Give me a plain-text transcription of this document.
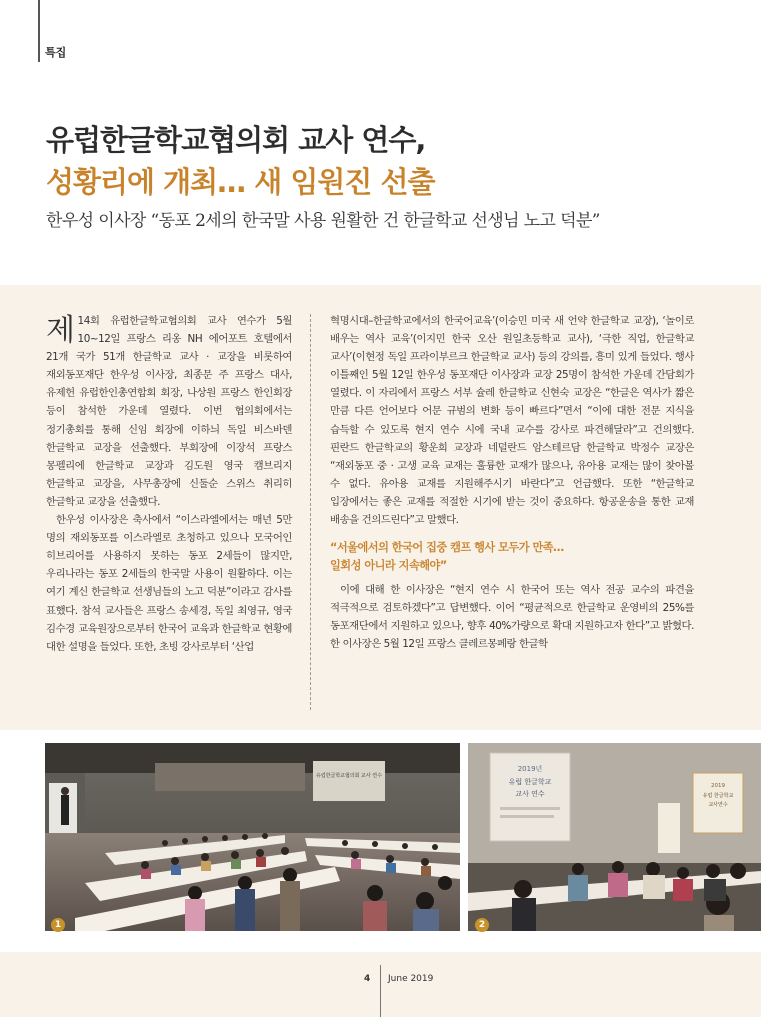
특집
유럽한글학교협의회 교사 연수,
성황리에 개최… 새 임원진 선출
한우성 이사장 “동포 2세의 한국말 사용 원활한 건 한글학교 선생님 노고 덕분”

제 14회 유럽한글학교협의회 교사 연수가 5월 10~12일 프랑스 리옹 NH 에어포트 호텔에서 21개 국가 51개 한글학교 교사 · 교장을 비롯하여 재외동포재단 한우성 이사장, 최종문 주 프랑스 대사, 유제헌 유럽한인총연합회 회장, 나상원 프랑스 한인회장 등이 참석한 가운데 열렸다. 이번 협의회에서는 정기총회를 통해 신임 회장에 이하늬 독일 비스바덴 한글학교 교장을 선출했다. 부회장에 이장석 프랑스 몽펠리에 한글학교 교장과 김도원 영국 캠브리지 한글학교 교장을, 사무총장에 신둘순 스위스 취리히 한글학교 교장을 선출했다.

한우성 이사장은 축사에서 “이스라엘에서는 매년 5만 명의 재외동포를 이스라엘로 초청하고 있으나 모국어인 히브리어를 사용하지 못하는 동포 2세들이 많지만, 우리나라는 동포 2세들의 한국말 사용이 원활하다. 이는 여기 계신 한글학교 선생님들의 노고 덕분”이라고 감사를 표했다. 참석 교사들은 프랑스 송세경, 독일 최영규, 영국 김수경 교육원장으로부터 한국어 교육과 한글학교 현황에 대한 설명을 들었다. 또한, 초빙 강사로부터 ‘산업

혁명시대–한글학교에서의 한국어교육’(이승민 미국 새 언약 한글학교 교장), ‘놀이로 배우는 역사 교육’(이지민 한국 오산 원일초등학교 교사), ‘극한 직업, 한글학교 교사’(이현정 독일 프라이부르크 한글학교 교사) 등의 강의를, 흥미 있게 들었다. 행사 이틀째인 5월 12일 한우성 동포재단 이사장과 교장 25명이 참석한 가운데 간담회가 열렸다. 이 자리에서 프랑스 서부 슐레 한글학교 신현숙 교장은 “한글은 역사가 짧은 만큼 다른 언어보다 어문 규범의 변화 등이 빠르다”면서 “이에 대한 전문 지식을 습득할 수 있도록 현지 연수 시에 국내 교수를 강사로 파견해달라”고 건의했다. 핀란드 한글학교의 황운희 교장과 네덜란드 암스테르담 한글학교 박정수 교장은 “재외동포 중 · 고생 교육 교재는 훌륭한 교재가 많으나, 유아용 교재는 많이 찾아볼 수 없다. 유아용 교재를 지원해주시기 바란다”고 언급했다. 또한 “한글학교 입장에서는 좋은 교재를 적절한 시기에 받는 것이 중요하다. 항공운송을 통한 교재 배송을 건의드린다”고 말했다.

“서울에서의 한국어 집중 캠프 행사 모두가 만족…
일회성 아니라 지속해야”

이에 대해 한 이사장은 “현지 연수 시 한국어 또는 역사 전공 교수의 파견을 적극적으로 검토하겠다”고 답변했다. 이어 “평균적으로 한글학교 운영비의 25%를 동포재단에서 지원하고 있으나, 향후 40%가량으로 확대 지원하고자 한다”고 밝혔다. 한 이사장은 5월 12일 프랑스 클레르몽페랑 한글학

유럽한글학교협의회 교사 연수
2019년
유럽 한글학교
교사 연수
2019
유럽 한글학교
교사연수
1	2
4 June 2019
